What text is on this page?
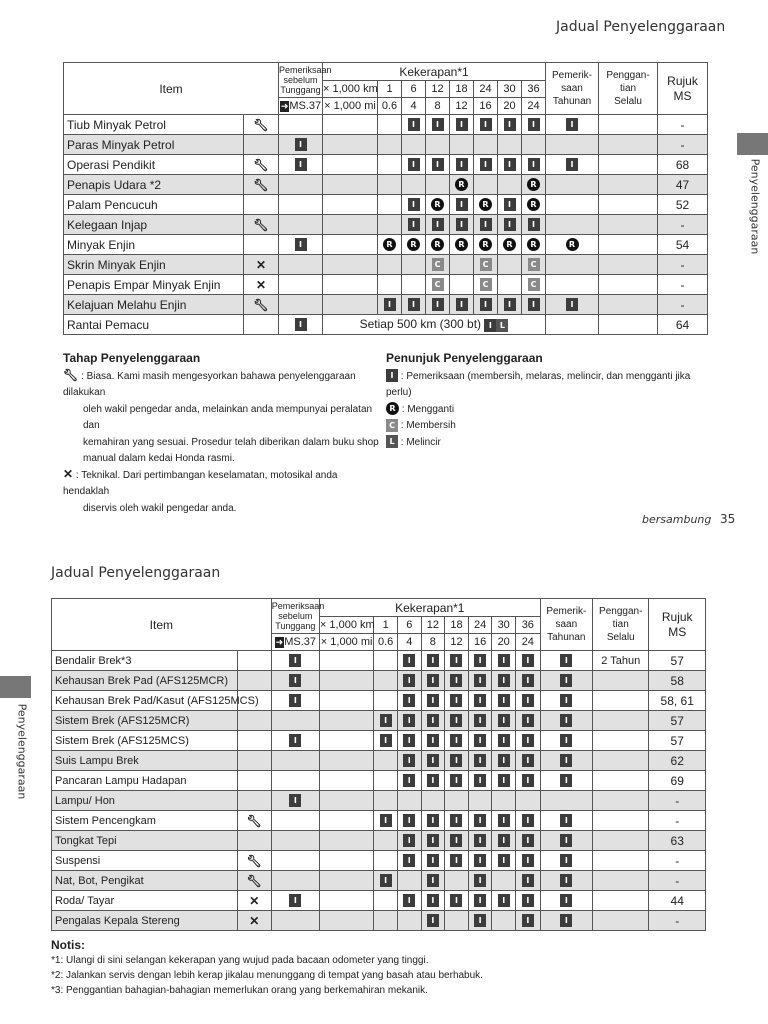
Jadual Penyelenggaraan
Penyelenggaraan
Item		Pemeriksaan
sebelum
Tunggang	Kekerapan*1								Pemerik-
saan
Tahunan	Penggan-
tian
Selalu	Rujuk
MS
			× 1,000 km	1	6	12	18	24	30	36			
		➜MS.37	× 1,000 mi	0.6	4	8	12	16	20	24			
Tiub Minyak Petrol	🔧︎				I	I	I	I	I	I	I		-
Paras Minyak Petrol		I											-
Operasi Pendikit	🔧︎	I			I	I	I	I	I	I	I		68
Penapis Udara *2	🔧︎						R			R			47
Palam Pencucuh					I	R	I	R	I	R			52
Kelegaan Injap	🔧︎				I	I	I	I	I	I			-
Minyak Enjin		I		R	R	R	R	R	R	R	R		54
Skrin Minyak Enjin	✕					C		C		C			-
Penapis Empar Minyak Enjin	✕					C		C		C			-
Kelajuan Melahu Enjin	🔧︎			I	I	I	I	I	I	I	I		-
Rantai Pemacu		I	Setiap 500 km (300 bt) I L										64
Tahap Penyelenggaraan
🔧︎ : Biasa. Kami masih mengesyorkan bahawa penyelenggaraan dilakukan
oleh wakil pengedar anda, melainkan anda mempunyai peralatan dan
kemahiran yang sesuai. Prosedur telah diberikan dalam buku shop
manual dalam kedai Honda rasmi.
✕ : Teknikal. Dari pertimbangan keselamatan, motosikal anda hendaklah
diservis oleh wakil pengedar anda.
Penunjuk Penyelenggaraan
I : Pemeriksaan (membersih, melaras, melincir, dan mengganti jika perlu)
R : Mengganti
C : Membersih
L : Melincir
bersambung 35
Jadual Penyelenggaraan
Penyelenggaraan
Item		Pemeriksaan
sebelum
Tunggang	Kekerapan*1								Pemerik-
saan
Tahunan	Penggan-
tian
Selalu	Rujuk
MS
			× 1,000 km	1	6	12	18	24	30	36			
		➜MS.37	× 1,000 mi	0.6	4	8	12	16	20	24			
Bendalir Brek*3		I			I	I	I	I	I	I	I	2 Tahun	57
Kehausan Brek Pad (AFS125MCR)		I			I	I	I	I	I	I	I		58
Kehausan Brek Pad/Kasut (AFS125MCS)		I			I	I	I	I	I	I	I		58, 61
Sistem Brek (AFS125MCR)				I	I	I	I	I	I	I	I		57
Sistem Brek (AFS125MCS)		I		I	I	I	I	I	I	I	I		57
Suis Lampu Brek					I	I	I	I	I	I	I		62
Pancaran Lampu Hadapan					I	I	I	I	I	I	I		69
Lampu/ Hon		I											-
Sistem Pencengkam	🔧︎			I	I	I	I	I	I	I	I		-
Tongkat Tepi					I	I	I	I	I	I	I		63
Suspensi	🔧︎				I	I	I	I	I	I	I		-
Nat, Bot, Pengikat	🔧︎			I		I		I		I	I		-
Roda/ Tayar	✕	I			I	I	I	I	I	I	I		44
Pengalas Kepala Stereng	✕					I		I		I	I		-
Notis:
*1: Ulangi di sini selangan kekerapan yang wujud pada bacaan odometer yang tinggi.
*2: Jalankan servis dengan lebih kerap jikalau menunggang di tempat yang basah atau berhabuk.
*3: Penggantian bahagian-bahagian memerlukan orang yang berkemahiran mekanik.
